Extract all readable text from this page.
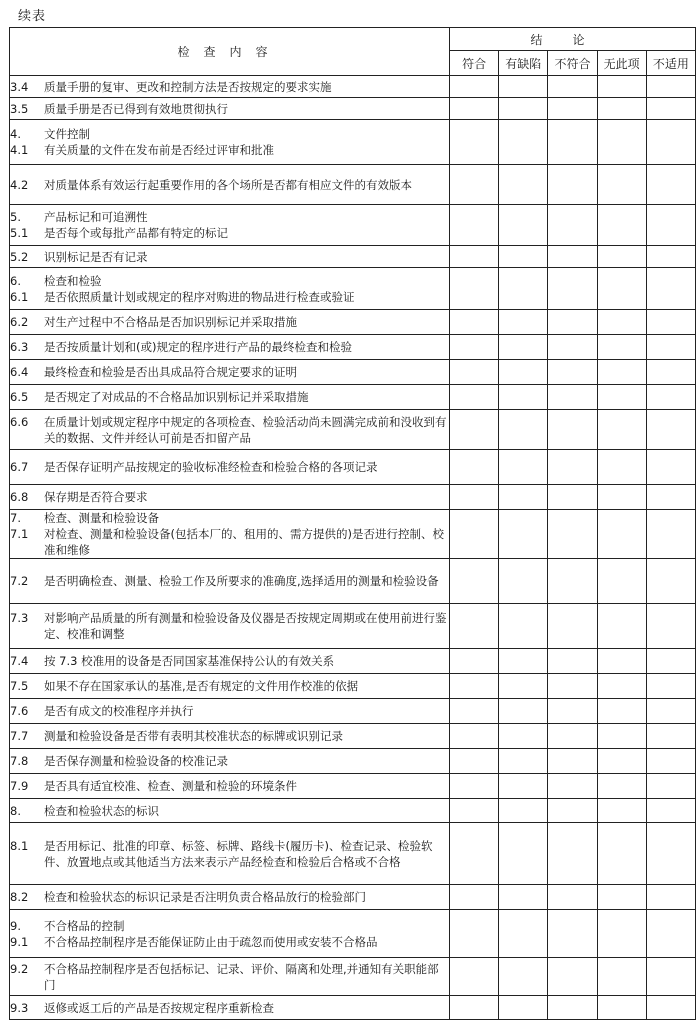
续表
检查内容	结论				
	符合	有缺陷	不符合	无此项	不适用

3.4 质量手册的复审、更改和控制方法是否按规定的要求实施					

3.5 质量手册是否已得到有效地贯彻执行					

4. 文件控制
4.1 有关质量的文件在发布前是否经过评审和批准					

4.2 对质量体系有效运行起重要作用的各个场所是否都有相应文件的有效版本					

5. 产品标记和可追溯性
5.1 是否每个或每批产品都有特定的标记					

5.2 识别标记是否有记录					

6. 检查和检验
6.1 是否依照质量计划或规定的程序对购进的物品进行检查或验证					

6.2 对生产过程中不合格品是否加识别标记并采取措施					

6.3 是否按质量计划和(或)规定的程序进行产品的最终检查和检验					

6.4 最终检查和检验是否出具成品符合规定要求的证明					

6.5 是否规定了对成品的不合格品加识别标记并采取措施					

6.6 在质量计划或规定程序中规定的各项检查、检验活动尚未圆满完成前和没收到有关的数据、文件并经认可前是否扣留产品					

6.7 是否保存证明产品按规定的验收标准经检查和检验合格的各项记录					

6.8 保存期是否符合要求					

7. 检查、测量和检验设备
7.1 对检查、测量和检验设备(包括本厂的、租用的、需方提供的)是否进行控制、校准和维修					

7.2 是否明确检查、测量、检验工作及所要求的准确度,选择适用的测量和检验设备					

7.3 对影响产品质量的所有测量和检验设备及仪器是否按规定周期或在使用前进行鉴定、校准和调整					

7.4 按 7.3 校准用的设备是否同国家基准保持公认的有效关系					

7.5 如果不存在国家承认的基准,是否有规定的文件用作校准的依据					

7.6 是否有成文的校准程序并执行					

7.7 测量和检验设备是否带有表明其校准状态的标牌或识别记录					

7.8 是否保存测量和检验设备的校准记录					

7.9 是否具有适宜校准、检查、测量和检验的环境条件					

8. 检查和检验状态的标识					

8.1 是否用标记、批准的印章、标签、标牌、路线卡(履历卡)、检查记录、检验软件、放置地点或其他适当方法来表示产品经检查和检验后合格或不合格					

8.2 检查和检验状态的标识记录是否注明负责合格品放行的检验部门					

9. 不合格品的控制
9.1 不合格品控制程序是否能保证防止由于疏忽而使用或安装不合格品					

9.2 不合格品控制程序是否包括标记、记录、评价、隔离和处理,并通知有关职能部门					

9.3 返修或返工后的产品是否按规定程序重新检查					
